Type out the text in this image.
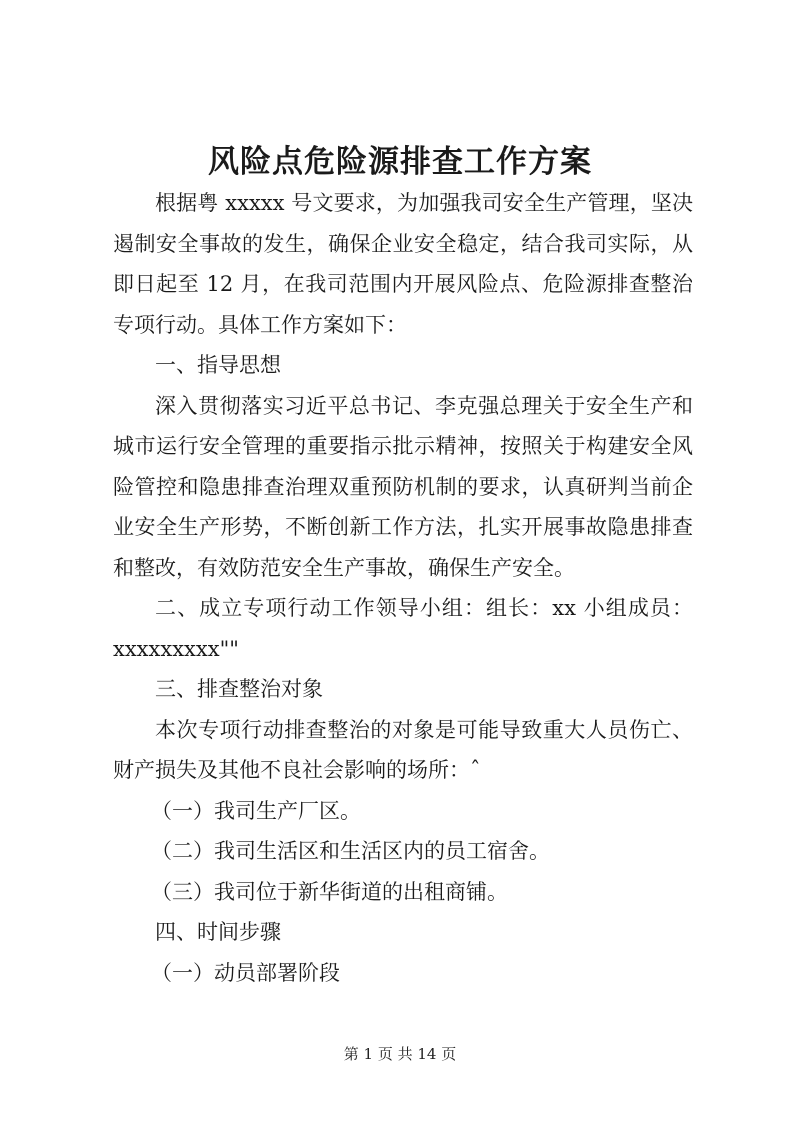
风险点危险源排查工作方案

根据粤 xxxxx 号文要求，为加强我司安全生产管理，坚决遏制安全事故的发生，确保企业安全稳定，结合我司实际，从即日起至 12 月，在我司范围内开展风险点、危险源排查整治专项行动。具体工作方案如下：

一、指导思想

深入贯彻落实习近平总书记、李克强总理关于安全生产和城市运行安全管理的重要指示批示精神，按照关于构建安全风险管控和隐患排查治理双重预防机制的要求，认真研判当前企业安全生产形势，不断创新工作方法，扎实开展事故隐患排查和整改，有效防范安全生产事故，确保生产安全。

二、成立专项行动工作领导小组：组长：xx 小组成员：xxxxxxxxx""

三、排查整治对象

本次专项行动排查整治的对象是可能导致重大人员伤亡、财产损失及其他不良社会影响的场所：ˆ

（一）我司生产厂区。

（二）我司生活区和生活区内的员工宿舍。

（三）我司位于新华街道的出租商铺。

四、时间步骤

（一）动员部署阶段

第 1 页 共 14 页
